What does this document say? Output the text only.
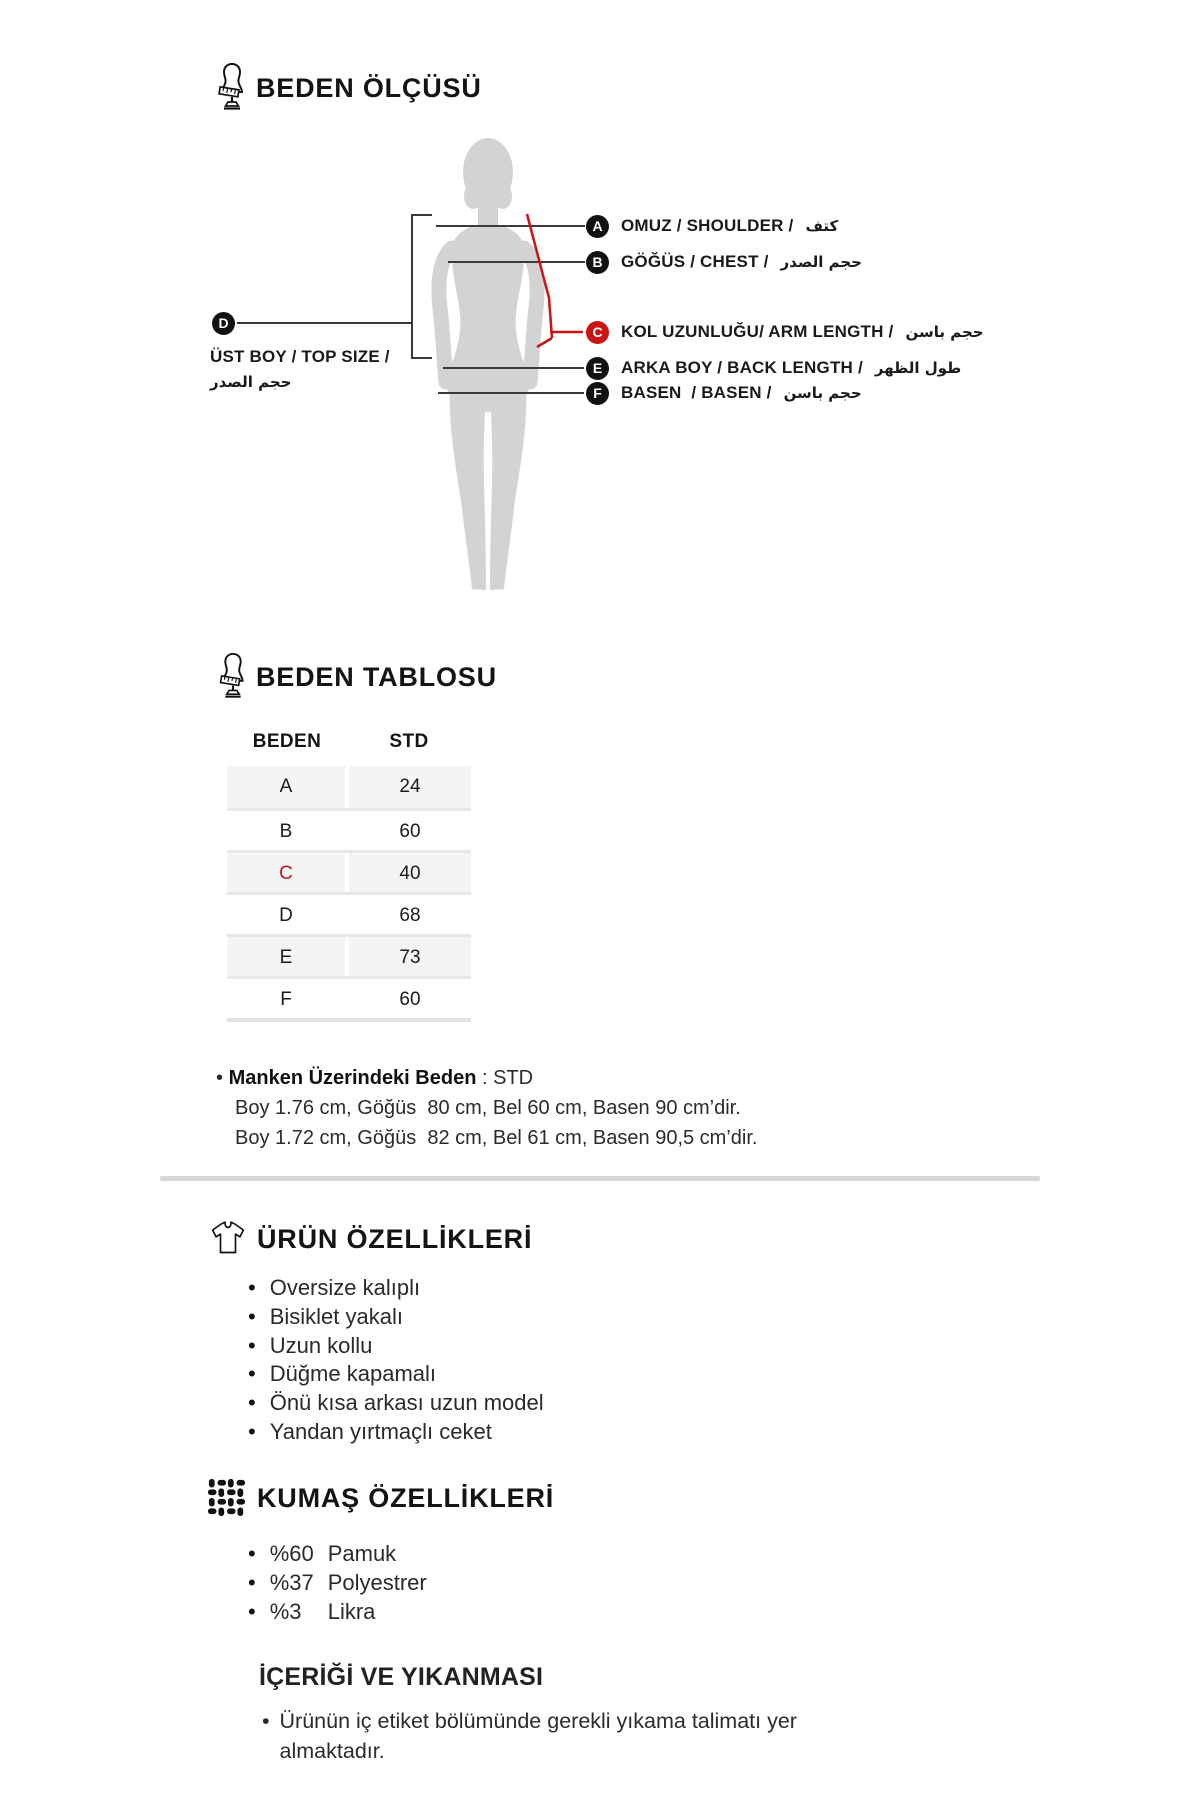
BEDEN ÖLÇÜSÜ
A	OMUZ / SHOULDER / كتف
B	GÖĞÜS / CHEST / حجم الصدر
C	KOL UZUNLUĞU/ ARM LENGTH / حجم باسن
E	ARKA BOY / BACK LENGTH / طول الظهر
F	BASEN  / BASEN / حجم باسن
D
ÜST BOY / TOP SIZE /
حجم الصدر
BEDEN TABLOSU
BEDEN	STD
A	24
B	60
C	40
D	68
E	73
F	60
• Manken Üzerindeki Beden : STD
Boy 1.76 cm, Göğüs  80 cm, Bel 60 cm, Basen 90 cm’dir.
Boy 1.72 cm, Göğüs  82 cm, Bel 61 cm, Basen 90,5 cm’dir.
ÜRÜN ÖZELLİKLERİ
• Oversize kalıplı
• Bisiklet yakalı
• Uzun kollu
• Düğme kapamalı
• Önü kısa arkası uzun model
• Yandan yırtmaçlı ceket
KUMAŞ ÖZELLİKLERİ
• %60 Pamuk
• %37 Polyestrer
• %3 Likra
İÇERİĞİ VE YIKANMASI
• Ürünün iç etiket bölümünde gerekli yıkama talimatı yer
almaktadır.
